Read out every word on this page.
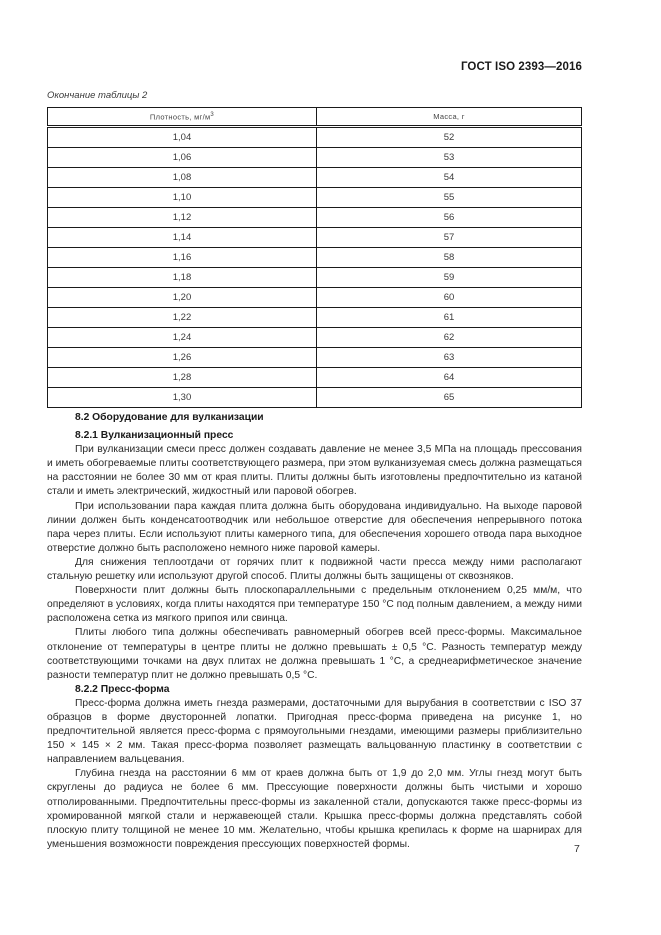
ГОСТ ISO 2393—2016
Окончание таблицы 2
Плотность, $мг/м^3$	Масса, г
1,04	52
1,06	53
1,08	54
1,10	55
1,12	56
1,14	57
1,16	58
1,18	59
1,20	60
1,22	61
1,24	62
1,26	63
1,28	64
1,30	65
8.2 Оборудование для вулканизации
8.2.1 Вулканизационный пресс

При вулканизации смеси пресс должен создавать давление не менее 3,5 МПа на площадь прессования и иметь обогреваемые плиты соответствующего размера, при этом вулканизуемая смесь должна размещаться на расстоянии не более 30 мм от края плиты. Плиты должны быть изготовлены предпочтительно из катаной стали и иметь электрический, жидкостный или паровой обогрев.

При использовании пара каждая плита должна быть оборудована индивидуально. На выходе паровой линии должен быть конденсатоотводчик или небольшое отверстие для обеспечения непрерывного потока пара через плиты. Если используют плиты камерного типа, для обеспечения хорошего отвода пара выходное отверстие должно быть расположено немного ниже паровой камеры.

Для снижения теплоотдачи от горячих плит к подвижной части пресса между ними располагают стальную решетку или используют другой способ. Плиты должны быть защищены от сквозняков.

Поверхности плит должны быть плоскопараллельными с предельным отклонением 0,25 мм/м, что определяют в условиях, когда плиты находятся при температуре 150 °С под полным давлением, а между ними расположена сетка из мягкого припоя или свинца.

Плиты любого типа должны обеспечивать равномерный обогрев всей пресс-формы. Максимальное отклонение от температуры в центре плиты не должно превышать ± 0,5 °С. Разность температур между соответствующими точками на двух плитах не должна превышать 1 °С, а среднеарифметическое значение разности температур плит не должно превышать 0,5 °С.

8.2.2 Пресс-форма

Пресс-форма должна иметь гнезда размерами, достаточными для вырубания в соответствии с ISO 37 образцов в форме двусторонней лопатки. Пригодная пресс-форма приведена на рисунке 1, но предпочтительной является пресс-форма с прямоугольными гнездами, имеющими размеры приблизительно 150 × 145 × 2 мм. Такая пресс-форма позволяет размещать вальцованную пластинку в соответствии с направлением вальцевания.

Глубина гнезда на расстоянии 6 мм от краев должна быть от 1,9 до 2,0 мм. Углы гнезд могут быть скруглены до радиуса не более 6 мм. Прессующие поверхности должны быть чистыми и хорошо отполированными. Предпочтительны пресс-формы из закаленной стали, допускаются также пресс-формы из хромированной мягкой стали и нержавеющей стали. Крышка пресс-формы должна представлять собой плоскую плиту толщиной не менее 10 мм. Желательно, чтобы крышка крепилась к форме на шарнирах для уменьшения возможности повреждения прессующих поверхностей формы.	7
